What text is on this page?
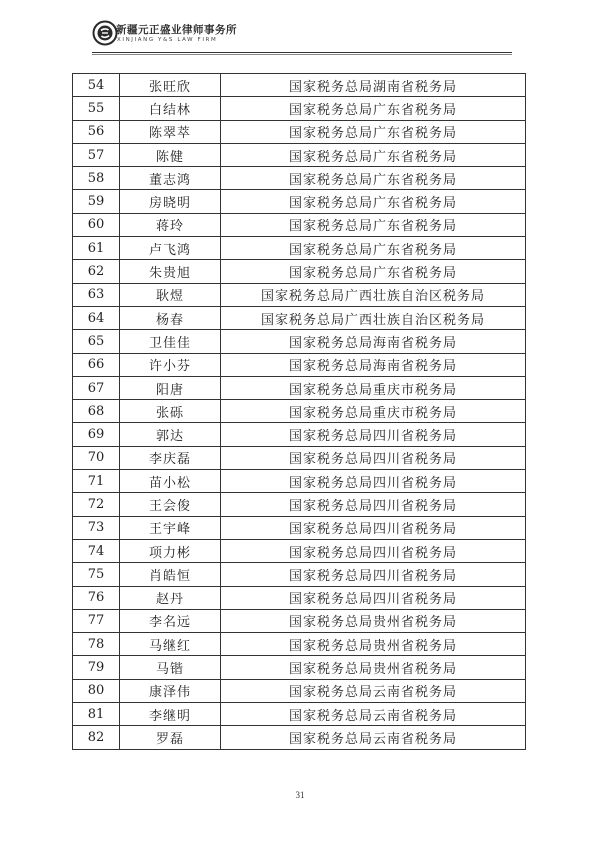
新疆元正盛业律师事务所
XINJIANG Y&S LAW FIRM
54	张旺欣	国家税务总局湖南省税务局
55	白结林	国家税务总局广东省税务局
56	陈翠萃	国家税务总局广东省税务局
57	陈健	国家税务总局广东省税务局
58	董志鸿	国家税务总局广东省税务局
59	房晓明	国家税务总局广东省税务局
60	蒋玲	国家税务总局广东省税务局
61	卢飞鸿	国家税务总局广东省税务局
62	朱贵旭	国家税务总局广东省税务局
63	耿煜	国家税务总局广西壮族自治区税务局
64	杨春	国家税务总局广西壮族自治区税务局
65	卫佳佳	国家税务总局海南省税务局
66	许小芬	国家税务总局海南省税务局
67	阳唐	国家税务总局重庆市税务局
68	张砾	国家税务总局重庆市税务局
69	郭达	国家税务总局四川省税务局
70	李庆磊	国家税务总局四川省税务局
71	苗小松	国家税务总局四川省税务局
72	王会俊	国家税务总局四川省税务局
73	王宇峰	国家税务总局四川省税务局
74	项力彬	国家税务总局四川省税务局
75	肖皓恒	国家税务总局四川省税务局
76	赵丹	国家税务总局四川省税务局
77	李名远	国家税务总局贵州省税务局
78	马继红	国家税务总局贵州省税务局
79	马锴	国家税务总局贵州省税务局
80	康泽伟	国家税务总局云南省税务局
81	李继明	国家税务总局云南省税务局
82	罗磊	国家税务总局云南省税务局
31
